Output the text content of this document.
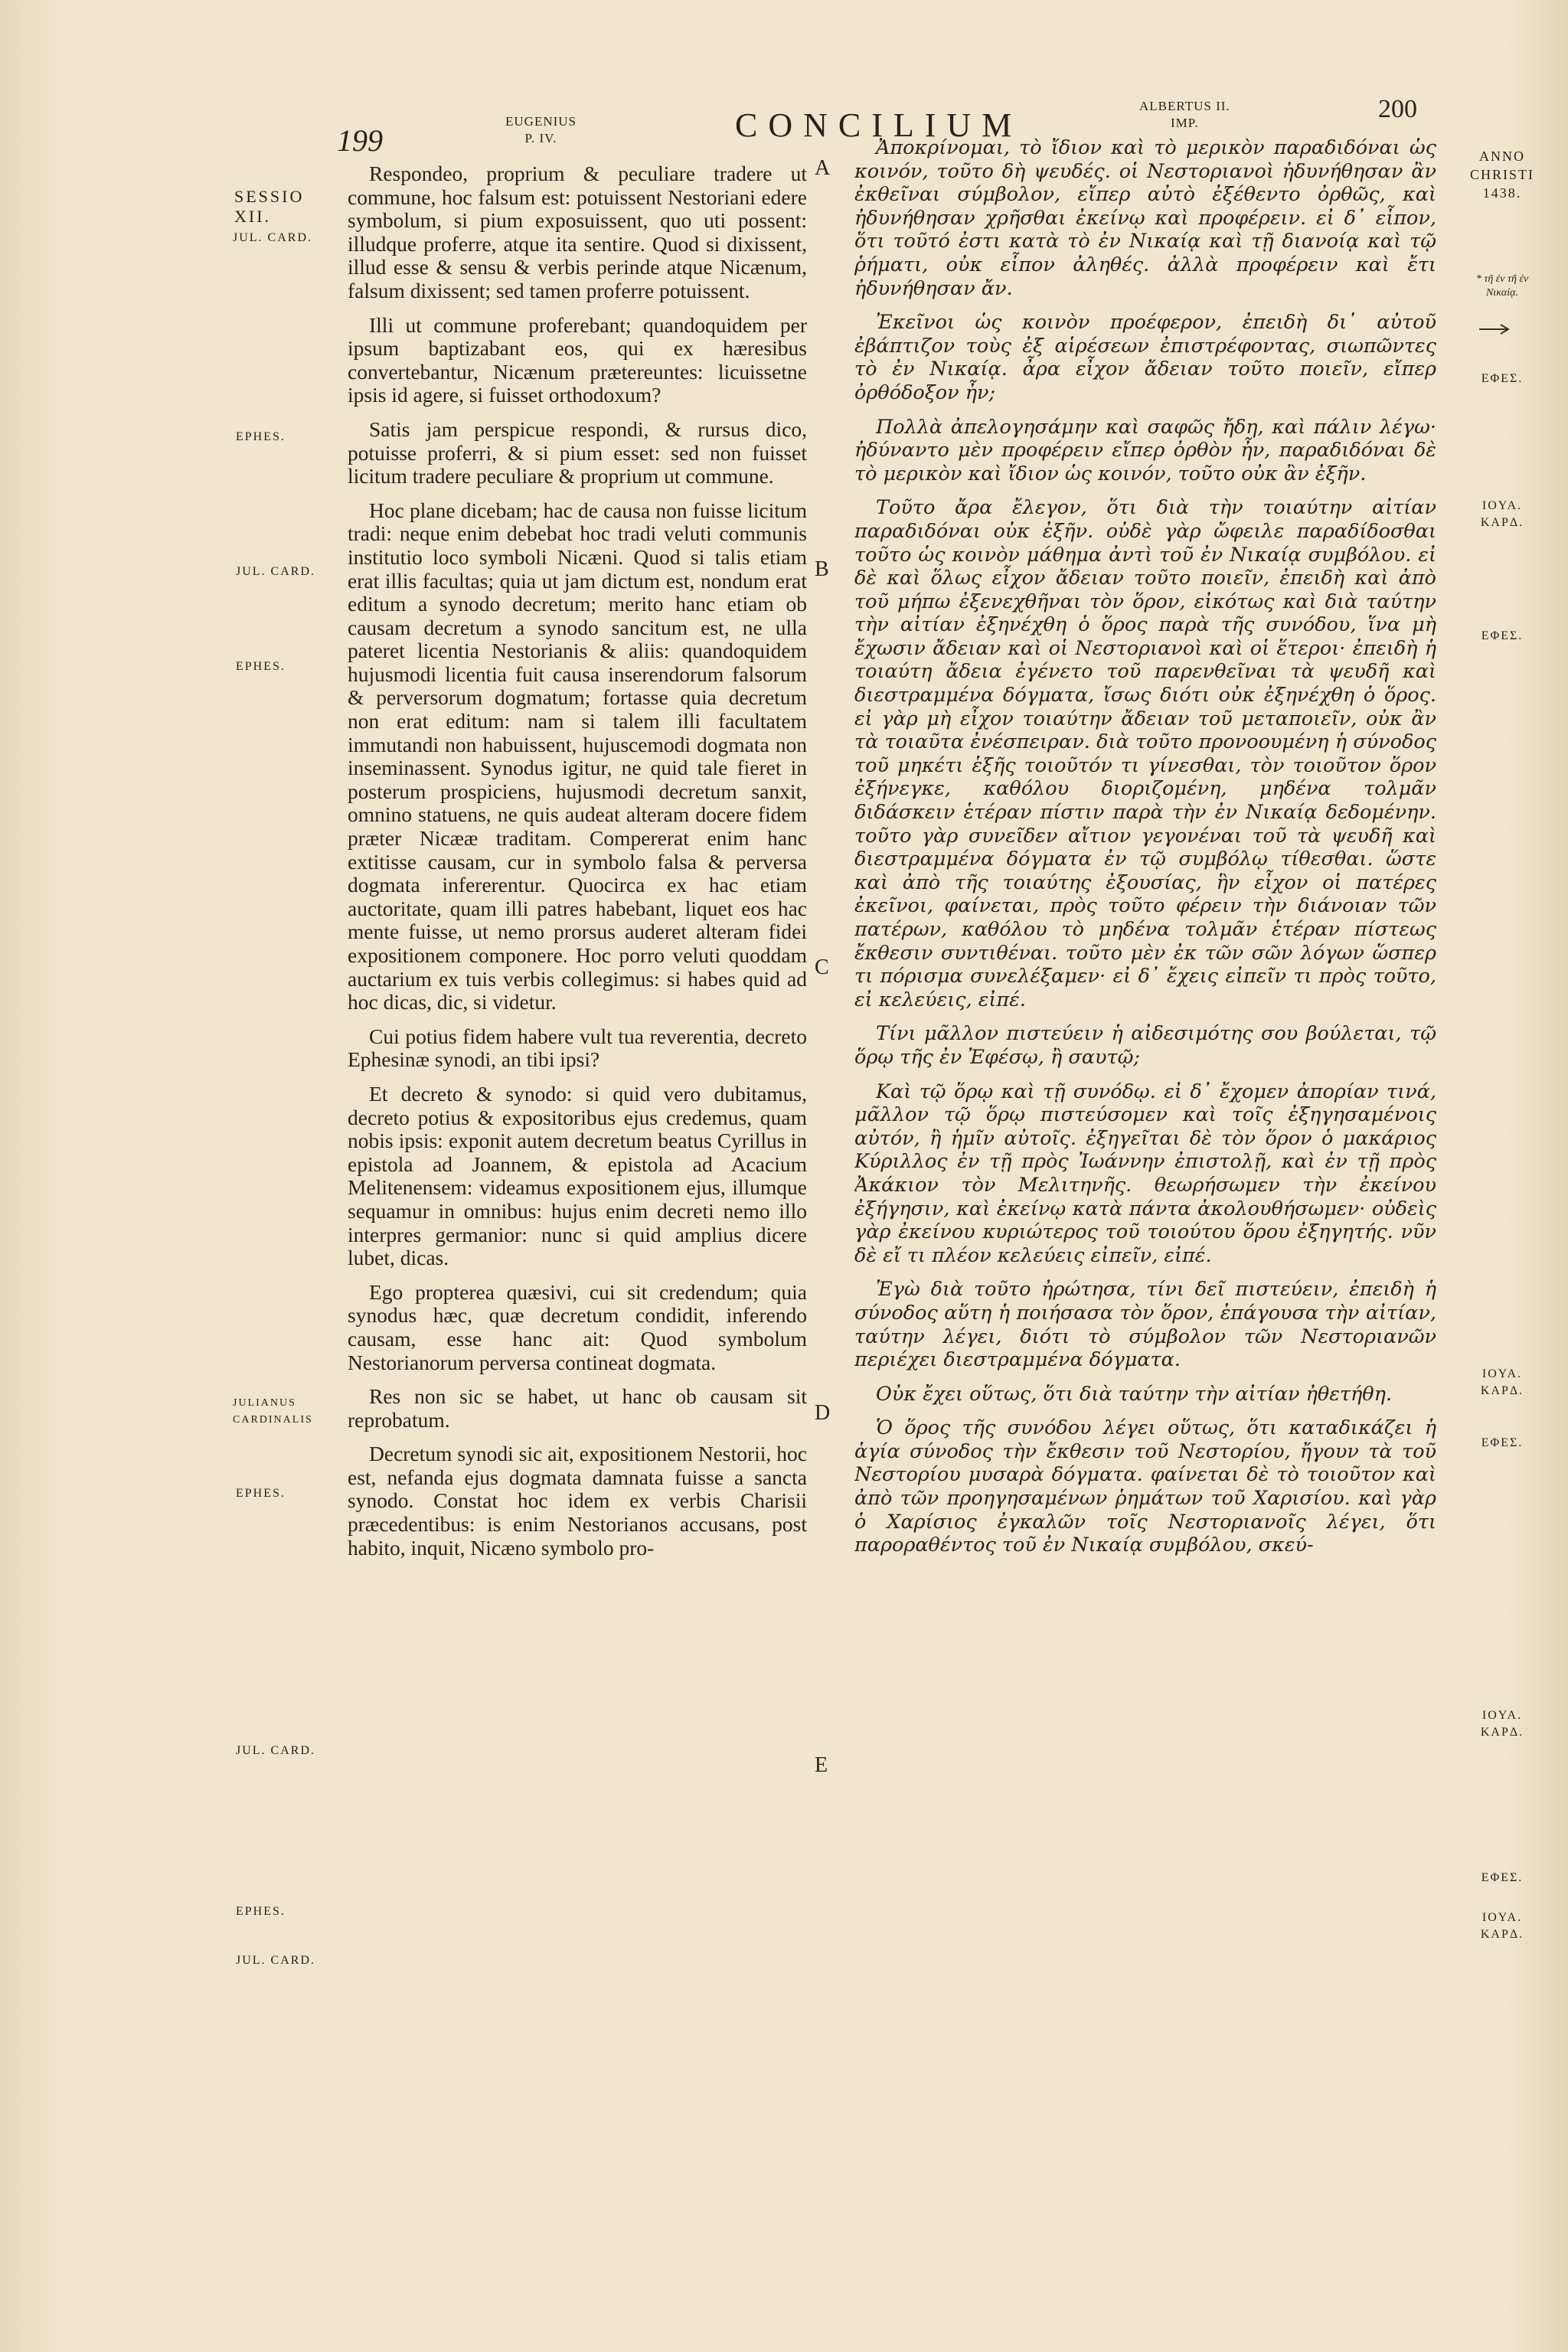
199
EUGENIUS
P. IV.	CONCILIUM
ALBERTUS II.
IMP.	200
SESSIO XII.
JUL. CARD.
EPHES.
JUL. CARD.
EPHES.
JULIANUS CARDINALIS
EPHES.
JUL. CARD.
EPHES.
JUL. CARD.
A
B
C
D
E

Respondeo, proprium & peculiare tradere ut commune, hoc falsum est: potuissent Nestoriani edere symbolum, si pium exposuissent, quo uti possent: illudque proferre, atque ita sentire. Quod si dixissent, illud esse & sensu & verbis perinde atque Nicænum, falsum dixissent; sed tamen proferre potuissent.

Illi ut commune proferebant; quandoquidem per ipsum baptizabant eos, qui ex hæresibus convertebantur, Nicænum prætereuntes: licuissetne ipsis id agere, si fuisset orthodoxum?

Satis jam perspicue respondi, & rursus dico, potuisse proferri, & si pium esset: sed non fuisset licitum tradere peculiare & proprium ut commune.

Hoc plane dicebam; hac de causa non fuisse licitum tradi: neque enim debebat hoc tradi veluti communis institutio loco symboli Nicæni. Quod si talis etiam erat illis facultas; quia ut jam dictum est, nondum erat editum a synodo decretum; merito hanc etiam ob causam decretum a synodo sancitum est, ne ulla pateret licentia Nestorianis & aliis: quandoquidem hujusmodi licentia fuit causa inserendorum falsorum & perversorum dogmatum; fortasse quia decretum non erat editum: nam si talem illi facultatem immutandi non habuissent, hujuscemodi dogmata non inseminassent. Synodus igitur, ne quid tale fieret in posterum prospiciens, hujusmodi decretum sanxit, omnino statuens, ne quis audeat alteram docere fidem præter Nicææ traditam. Compererat enim hanc extitisse causam, cur in symbolo falsa & perversa dogmata infererentur. Quocirca ex hac etiam auctoritate, quam illi patres habebant, liquet eos hac mente fuisse, ut nemo prorsus auderet alteram fidei expositionem componere. Hoc porro veluti quoddam auctarium ex tuis verbis collegimus: si habes quid ad hoc dicas, dic, si videtur.

Cui potius fidem habere vult tua reverentia, decreto Ephesinæ synodi, an tibi ipsi?

Et decreto & synodo: si quid vero dubitamus, decreto potius & expositoribus ejus credemus, quam nobis ipsis: exponit autem decretum beatus Cyrillus in epistola ad Joannem, & epistola ad Acacium Melitenensem: videamus expositionem ejus, illumque sequamur in omnibus: hujus enim decreti nemo illo interpres germanior: nunc si quid amplius dicere lubet, dicas.

Ego propterea quæsivi, cui sit credendum; quia synodus hæc, quæ decretum condidit, inferendo causam, esse hanc ait: Quod symbolum Nestorianorum perversa contineat dogmata.

Res non sic se habet, ut hanc ob causam sit reprobatum.

Decretum synodi sic ait, expositionem Nestorii, hoc est, nefanda ejus dogmata damnata fuisse a sancta synodo. Constat hoc idem ex verbis Charisii præcedentibus: is enim Nestorianos accusans, post habito, inquit, Nicæno symbolo pro-

Ἀποκρίνομαι, τὸ ἴδιον καὶ τὸ μερικὸν παραδιδόναι ὡς κοινόν, τοῦτο δὴ ψευδές. οἱ Νεστοριανοὶ ἠδυνήθησαν ἂν ἐκθεῖναι σύμβολον, εἴπερ αὐτὸ ἐξέθεντο ὀρθῶς, καὶ ἠδυνήθησαν χρῆσθαι ἐκείνῳ καὶ προφέρειν. εἰ δ᾽ εἶπον, ὅτι τοῦτό ἐστι κατὰ τὸ ἐν Νικαίᾳ καὶ τῇ διανοίᾳ καὶ τῷ ῥήματι, οὐκ εἶπον ἀληθές. ἀλλὰ προφέρειν καὶ ἔτι ἠδυνήθησαν ἄν.

Ἐκεῖνοι ὡς κοινὸν προέφερον, ἐπειδὴ δι᾽ αὐτοῦ ἐβάπτιζον τοὺς ἐξ αἱρέσεων ἐπιστρέφοντας, σιωπῶντες τὸ ἐν Νικαίᾳ. ἆρα εἶχον ἄδειαν τοῦτο ποιεῖν, εἴπερ ὀρθόδοξον ἦν;

Πολλὰ ἀπελογησάμην καὶ σαφῶς ἤδη, καὶ πάλιν λέγω· ἠδύναντο μὲν προφέρειν εἴπερ ὀρθὸν ἦν, παραδιδόναι δὲ τὸ μερικὸν καὶ ἴδιον ὡς κοινόν, τοῦτο οὐκ ἂν ἐξῆν.

Τοῦτο ἄρα ἔλεγον, ὅτι διὰ τὴν τοιαύτην αἰτίαν παραδιδόναι οὐκ ἐξῆν. οὐδὲ γὰρ ὤφειλε παραδίδοσθαι τοῦτο ὡς κοινὸν μάθημα ἀντὶ τοῦ ἐν Νικαίᾳ συμβόλου. εἰ δὲ καὶ ὅλως εἶχον ἄδειαν τοῦτο ποιεῖν, ἐπειδὴ καὶ ἀπὸ τοῦ μήπω ἐξενεχθῆναι τὸν ὅρον, εἰκότως καὶ διὰ ταύτην τὴν αἰτίαν ἐξηνέχθη ὁ ὅρος παρὰ τῆς συνόδου, ἵνα μὴ ἔχωσιν ἄδειαν καὶ οἱ Νεστοριανοὶ καὶ οἱ ἕτεροι· ἐπειδὴ ἡ τοιαύτη ἄδεια ἐγένετο τοῦ παρενθεῖναι τὰ ψευδῆ καὶ διεστραμμένα δόγματα, ἴσως διότι οὐκ ἐξηνέχθη ὁ ὅρος. εἰ γὰρ μὴ εἶχον τοιαύτην ἄδειαν τοῦ μεταποιεῖν, οὐκ ἂν τὰ τοιαῦτα ἐνέσπειραν. διὰ τοῦτο προνοουμένη ἡ σύνοδος τοῦ μηκέτι ἑξῆς τοιοῦτόν τι γίνεσθαι, τὸν τοιοῦτον ὅρον ἐξήνεγκε, καθόλου διοριζομένη, μηδένα τολμᾶν διδάσκειν ἑτέραν πίστιν παρὰ τὴν ἐν Νικαίᾳ δεδομένην. τοῦτο γὰρ συνεῖδεν αἴτιον γεγονέναι τοῦ τὰ ψευδῆ καὶ διεστραμμένα δόγματα ἐν τῷ συμβόλῳ τίθεσθαι. ὥστε καὶ ἀπὸ τῆς τοιαύτης ἐξουσίας, ἣν εἶχον οἱ πατέρες ἐκεῖνοι, φαίνεται, πρὸς τοῦτο φέρειν τὴν διάνοιαν τῶν πατέρων, καθόλου τὸ μηδένα τολμᾶν ἑτέραν πίστεως ἔκθεσιν συντιθέναι. τοῦτο μὲν ἐκ τῶν σῶν λόγων ὥσπερ τι πόρισμα συνελέξαμεν· εἰ δ᾽ ἔχεις εἰπεῖν τι πρὸς τοῦτο, εἰ κελεύεις, εἰπέ.

Τίνι μᾶλλον πιστεύειν ἡ αἰδεσιμότης σου βούλεται, τῷ ὅρῳ τῆς ἐν Ἐφέσῳ, ἢ σαυτῷ;

Καὶ τῷ ὅρῳ καὶ τῇ συνόδῳ. εἰ δ᾽ ἔχομεν ἀπορίαν τινά, μᾶλλον τῷ ὅρῳ πιστεύσομεν καὶ τοῖς ἐξηγησαμένοις αὐτόν, ἢ ἡμῖν αὐτοῖς. ἐξηγεῖται δὲ τὸν ὅρον ὁ μακάριος Κύριλλος ἐν τῇ πρὸς Ἰωάννην ἐπιστολῇ, καὶ ἐν τῇ πρὸς Ἀκάκιον τὸν Μελιτηνῆς. θεωρήσωμεν τὴν ἐκείνου ἐξήγησιν, καὶ ἐκείνῳ κατὰ πάντα ἀκολουθήσωμεν· οὐδεὶς γὰρ ἐκείνου κυριώτερος τοῦ τοιούτου ὅρου ἐξηγητής. νῦν δὲ εἴ τι πλέον κελεύεις εἰπεῖν, εἰπέ.

Ἐγὼ διὰ τοῦτο ἠρώτησα, τίνι δεῖ πιστεύειν, ἐπειδὴ ἡ σύνοδος αὕτη ἡ ποιήσασα τὸν ὅρον, ἐπάγουσα τὴν αἰτίαν, ταύτην λέγει, διότι τὸ σύμβολον τῶν Νεστοριανῶν περιέχει διεστραμμένα δόγματα.

Οὐκ ἔχει οὕτως, ὅτι διὰ ταύτην τὴν αἰτίαν ἠθετήθη.

Ὁ ὅρος τῆς συνόδου λέγει οὕτως, ὅτι καταδικάζει ἡ ἁγία σύνοδος τὴν ἔκθεσιν τοῦ Νεστορίου, ἤγουν τὰ τοῦ Νεστορίου μυσαρὰ δόγματα. φαίνεται δὲ τὸ τοιοῦτον καὶ ἀπὸ τῶν προηγησαμένων ῥημάτων τοῦ Χαρισίου. καὶ γὰρ ὁ Χαρίσιος ἐγκαλῶν τοῖς Νεστοριανοῖς λέγει, ὅτι παροραθέντος τοῦ ἐν Νικαίᾳ συμβόλου, σκεύ-

ANNO CHRISTI 1438.
* τῆ ἐν τῆ ἐν Νικαίᾳ.
EΦEΣ.
IOYA. KAPΔ.
EΦEΣ.
IOYA. KAPΔ.
EΦEΣ.
IOYA. KAPΔ.
EΦEΣ.
IOYA. KAPΔ.
